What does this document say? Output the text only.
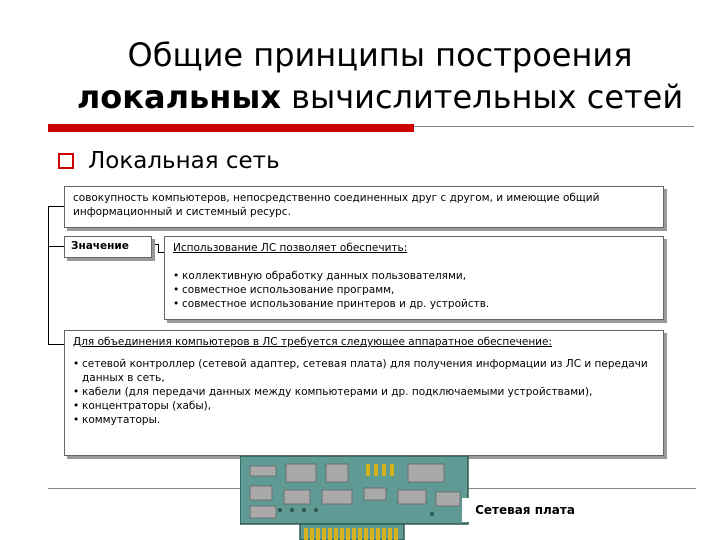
Общие принципы построения
локальных вычислительных сетей
Локальная сеть
совокупность компьютеров, непосредственно соединенных друг с другом, и имеющие общий информационный и системный ресурс.
Значение	Использование ЛС позволяет обеспечить:
• коллективную обработку данных пользователями,
• совместное использование программ,
• совместное использование принтеров и др. устройств.
Для объединения компьютеров в ЛС требуется следующее аппаратное обеспечение:
• сетевой контроллер (сетевой адаптер, сетевая плата) для получения информации из ЛС и передачи данных в сеть,
• кабели (для передачи данных между компьютерами и др. подключаемыми устройствами),
• концентраторы (хабы),
• коммутаторы.
Сетевая плата
